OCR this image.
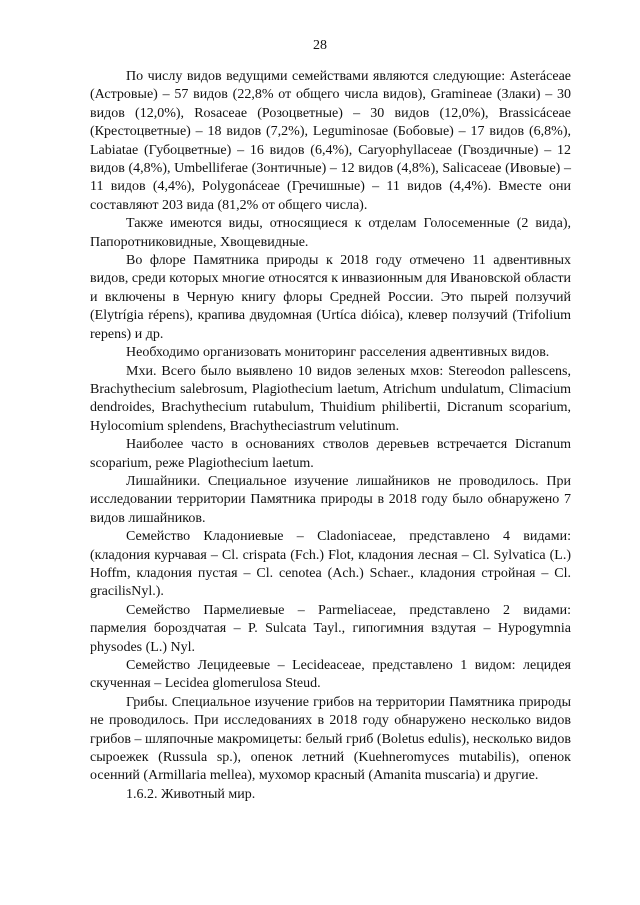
28

По числу видов ведущими семействами являются следующие: Asteráceae (Астровые) – 57 видов (22,8% от общего числа видов), Gramineae (Злаки) – 30 видов (12,0%), Rosaceae (Розоцветные) – 30 видов (12,0%), Brassicáceae (Крестоцветные) – 18 видов (7,2%), Leguminosae (Бобовые) – 17 видов (6,8%), Labiatae (Губоцветные) – 16 видов (6,4%), Caryophyllaceae (Гвоздичные) – 12 видов (4,8%), Umbelliferae (Зонтичные) – 12 видов (4,8%), Salicaceae (Ивовые) – 11 видов (4,4%), Polygonáceae (Гречишные) – 11 видов (4,4%). Вместе они составляют 203 вида (81,2% от общего числа).

Также имеются виды, относящиеся к отделам Голосеменные (2 вида), Папоротниковидные, Хвощевидные.

Во флоре Памятника природы к 2018 году отмечено 11 адвентивных видов, среди которых многие относятся к инвазионным для Ивановской области и включены в Черную книгу флоры Средней России. Это пырей ползучий (Elytrígia répens), крапива двудомная (Urtíca dióica), клевер ползучий (Trifolium repens) и др.

Необходимо организовать мониторинг расселения адвентивных видов.

Мхи. Всего было выявлено 10 видов зеленых мхов: Stereodon pallescens, Brachythecium salebrosum, Plagiothecium laetum, Atrichum undulatum, Climacium dendroides, Brachythecium rutabulum, Thuidium philibertii, Dicranum scoparium, Hylocomium splendens, Brachytheciastrum velutinum.

Наиболее часто в основаниях стволов деревьев встречается Dicranum scoparium, реже Plagiothecium laetum.

Лишайники. Специальное изучение лишайников не проводилось. При исследовании территории Памятника природы в 2018 году было обнаружено 7 видов лишайников.

Семейство Кладониевые – Cladoniaceae, представлено 4 видами: (кладония курчавая – Cl. crispata (Fch.) Flot, кладония лесная – Cl. Sylvatica (L.) Hoffm, кладония пустая – Cl. cenotea (Ach.) Schaer., кладония стройная – Cl. gracilisNyl.).

Семейство Пармелиевые – Parmeliaceae, представлено 2 видами: пармелия бороздчатая – P. Sulcata Tayl., гипогимния вздутая – Hypogymnia physodes (L.) Nyl.

Семейство Лецидеевые – Lecideaceae, представлено 1 видом: лецидея скученная – Lecidea glomerulosa Steud.

Грибы. Специальное изучение грибов на территории Памятника природы не проводилось. При исследованиях в 2018 году обнаружено несколько видов грибов – шляпочные макромицеты: белый гриб (Boletus edulis), несколько видов сыроежек (Russula sp.), опенок летний (Kuehneromyces mutabilis), опенок осенний (Armillaria mellea), мухомор красный (Amanita muscaria) и другие.

1.6.2. Животный мир.
